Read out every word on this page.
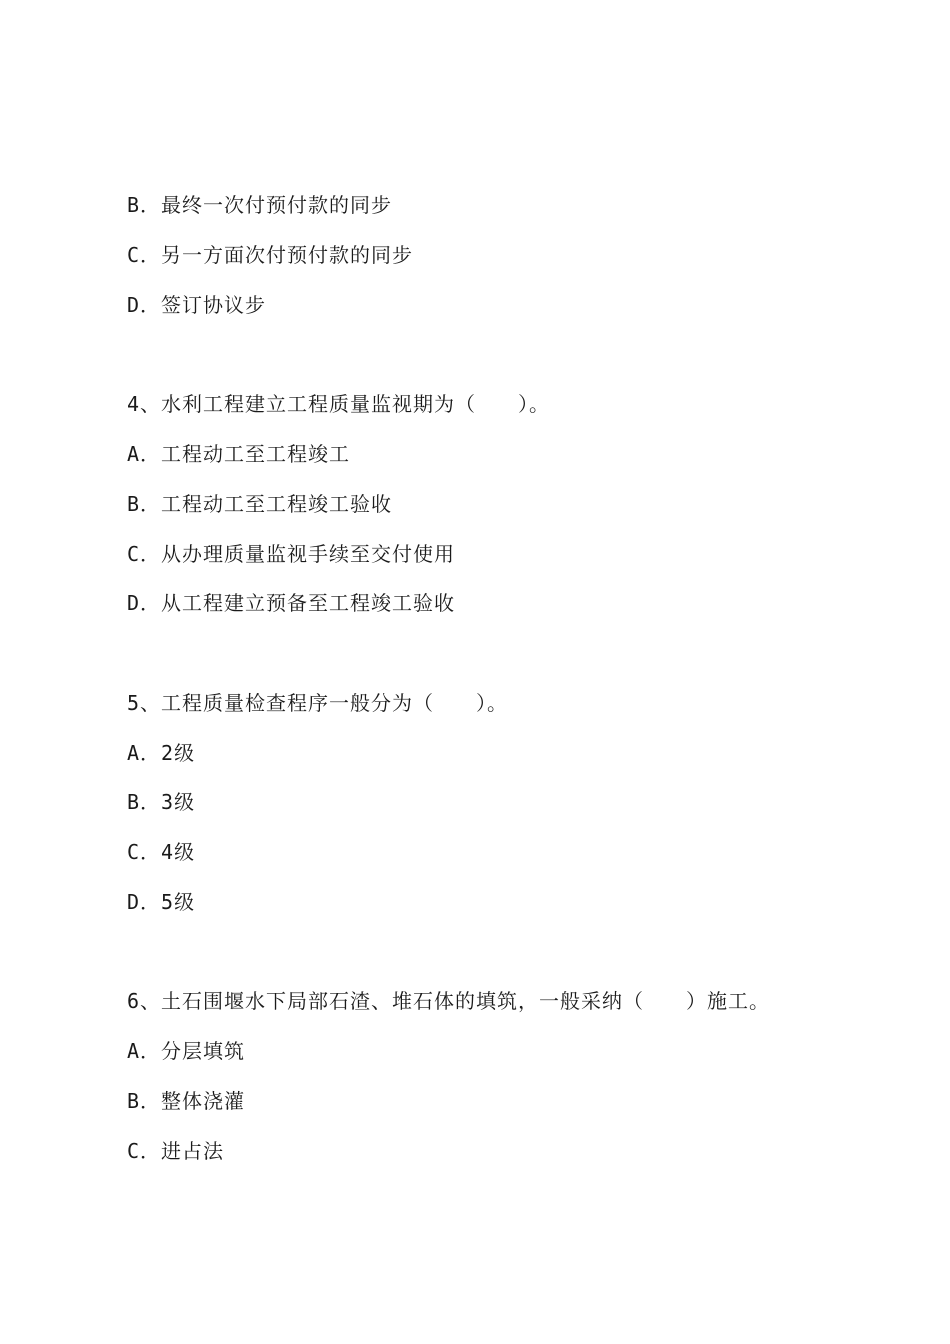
B．最终一次付预付款的同步
C．另一方面次付预付款的同步
D．签订协议步
4、水利工程建立工程质量监视期为（　　）。
A．工程动工至工程竣工
B．工程动工至工程竣工验收
C．从办理质量监视手续至交付使用
D．从工程建立预备至工程竣工验收
5、工程质量检查程序一般分为（　　）。
A．2级
B．3级
C．4级
D．5级
6、土石围堰水下局部石渣、堆石体的填筑，一般采纳（　　）施工。
A．分层填筑
B．整体浇灌
C．进占法
